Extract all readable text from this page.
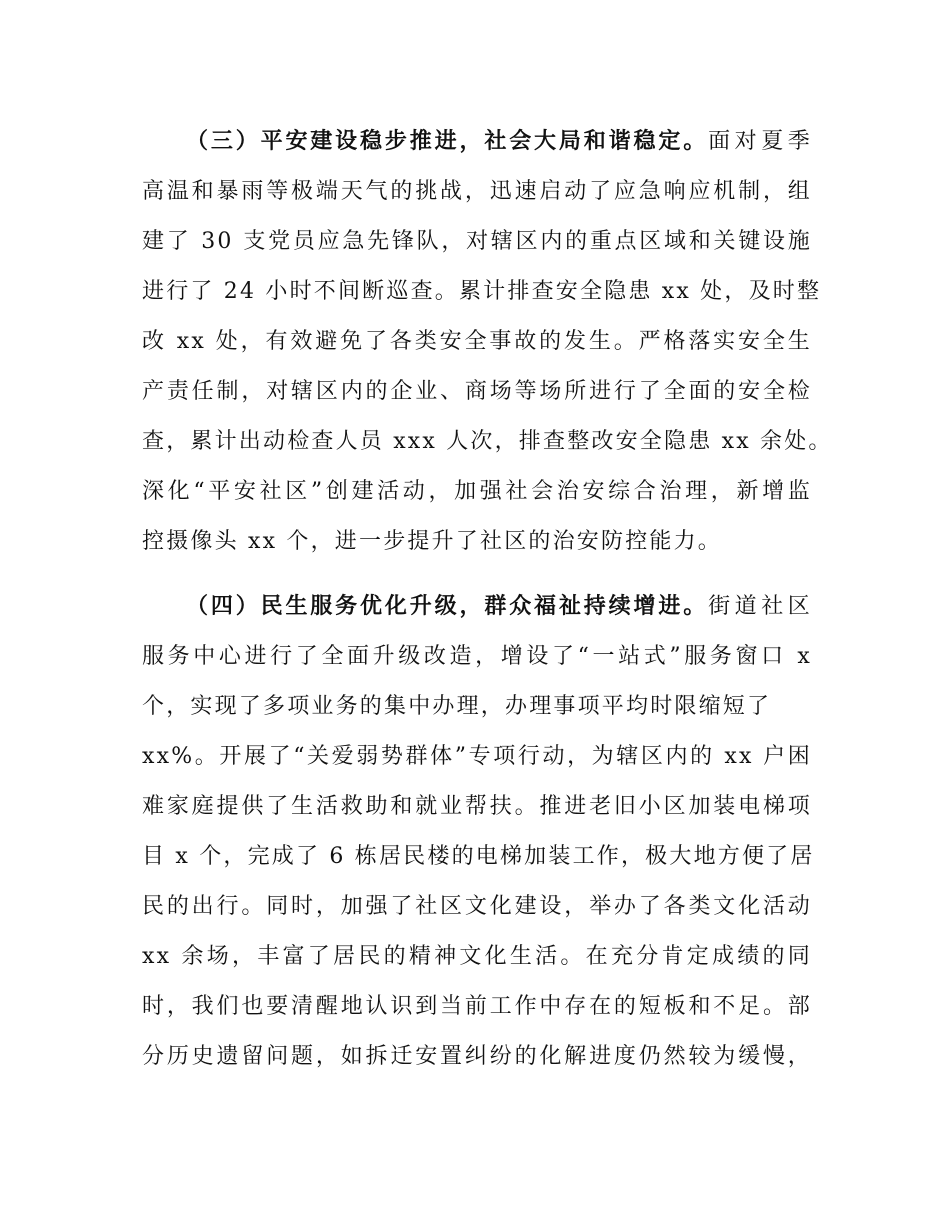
（三）平安建设稳步推进，社会大局和谐稳定。面对夏季
高温和暴雨等极端天气的挑战，迅速启动了应急响应机制，组
建了 30 支党员应急先锋队，对辖区内的重点区域和关键设施
进行了 24 小时不间断巡查。累计排查安全隐患 xx 处，及时整
改 xx 处，有效避免了各类安全事故的发生。严格落实安全生
产责任制，对辖区内的企业、商场等场所进行了全面的安全检
查，累计出动检查人员 xxx 人次，排查整改安全隐患 xx 余处。
深化“平安社区”创建活动，加强社会治安综合治理，新增监
控摄像头 xx 个，进一步提升了社区的治安防控能力。
（四）民生服务优化升级，群众福祉持续增进。街道社区
服务中心进行了全面升级改造，增设了“一站式”服务窗口 x
个，实现了多项业务的集中办理，办理事项平均时限缩短了
xx%。开展了“关爱弱势群体”专项行动，为辖区内的 xx 户困
难家庭提供了生活救助和就业帮扶。推进老旧小区加装电梯项
目 x 个，完成了 6 栋居民楼的电梯加装工作，极大地方便了居
民的出行。同时，加强了社区文化建设，举办了各类文化活动
xx 余场，丰富了居民的精神文化生活。在充分肯定成绩的同
时，我们也要清醒地认识到当前工作中存在的短板和不足。部
分历史遗留问题，如拆迁安置纠纷的化解进度仍然较为缓慢，
